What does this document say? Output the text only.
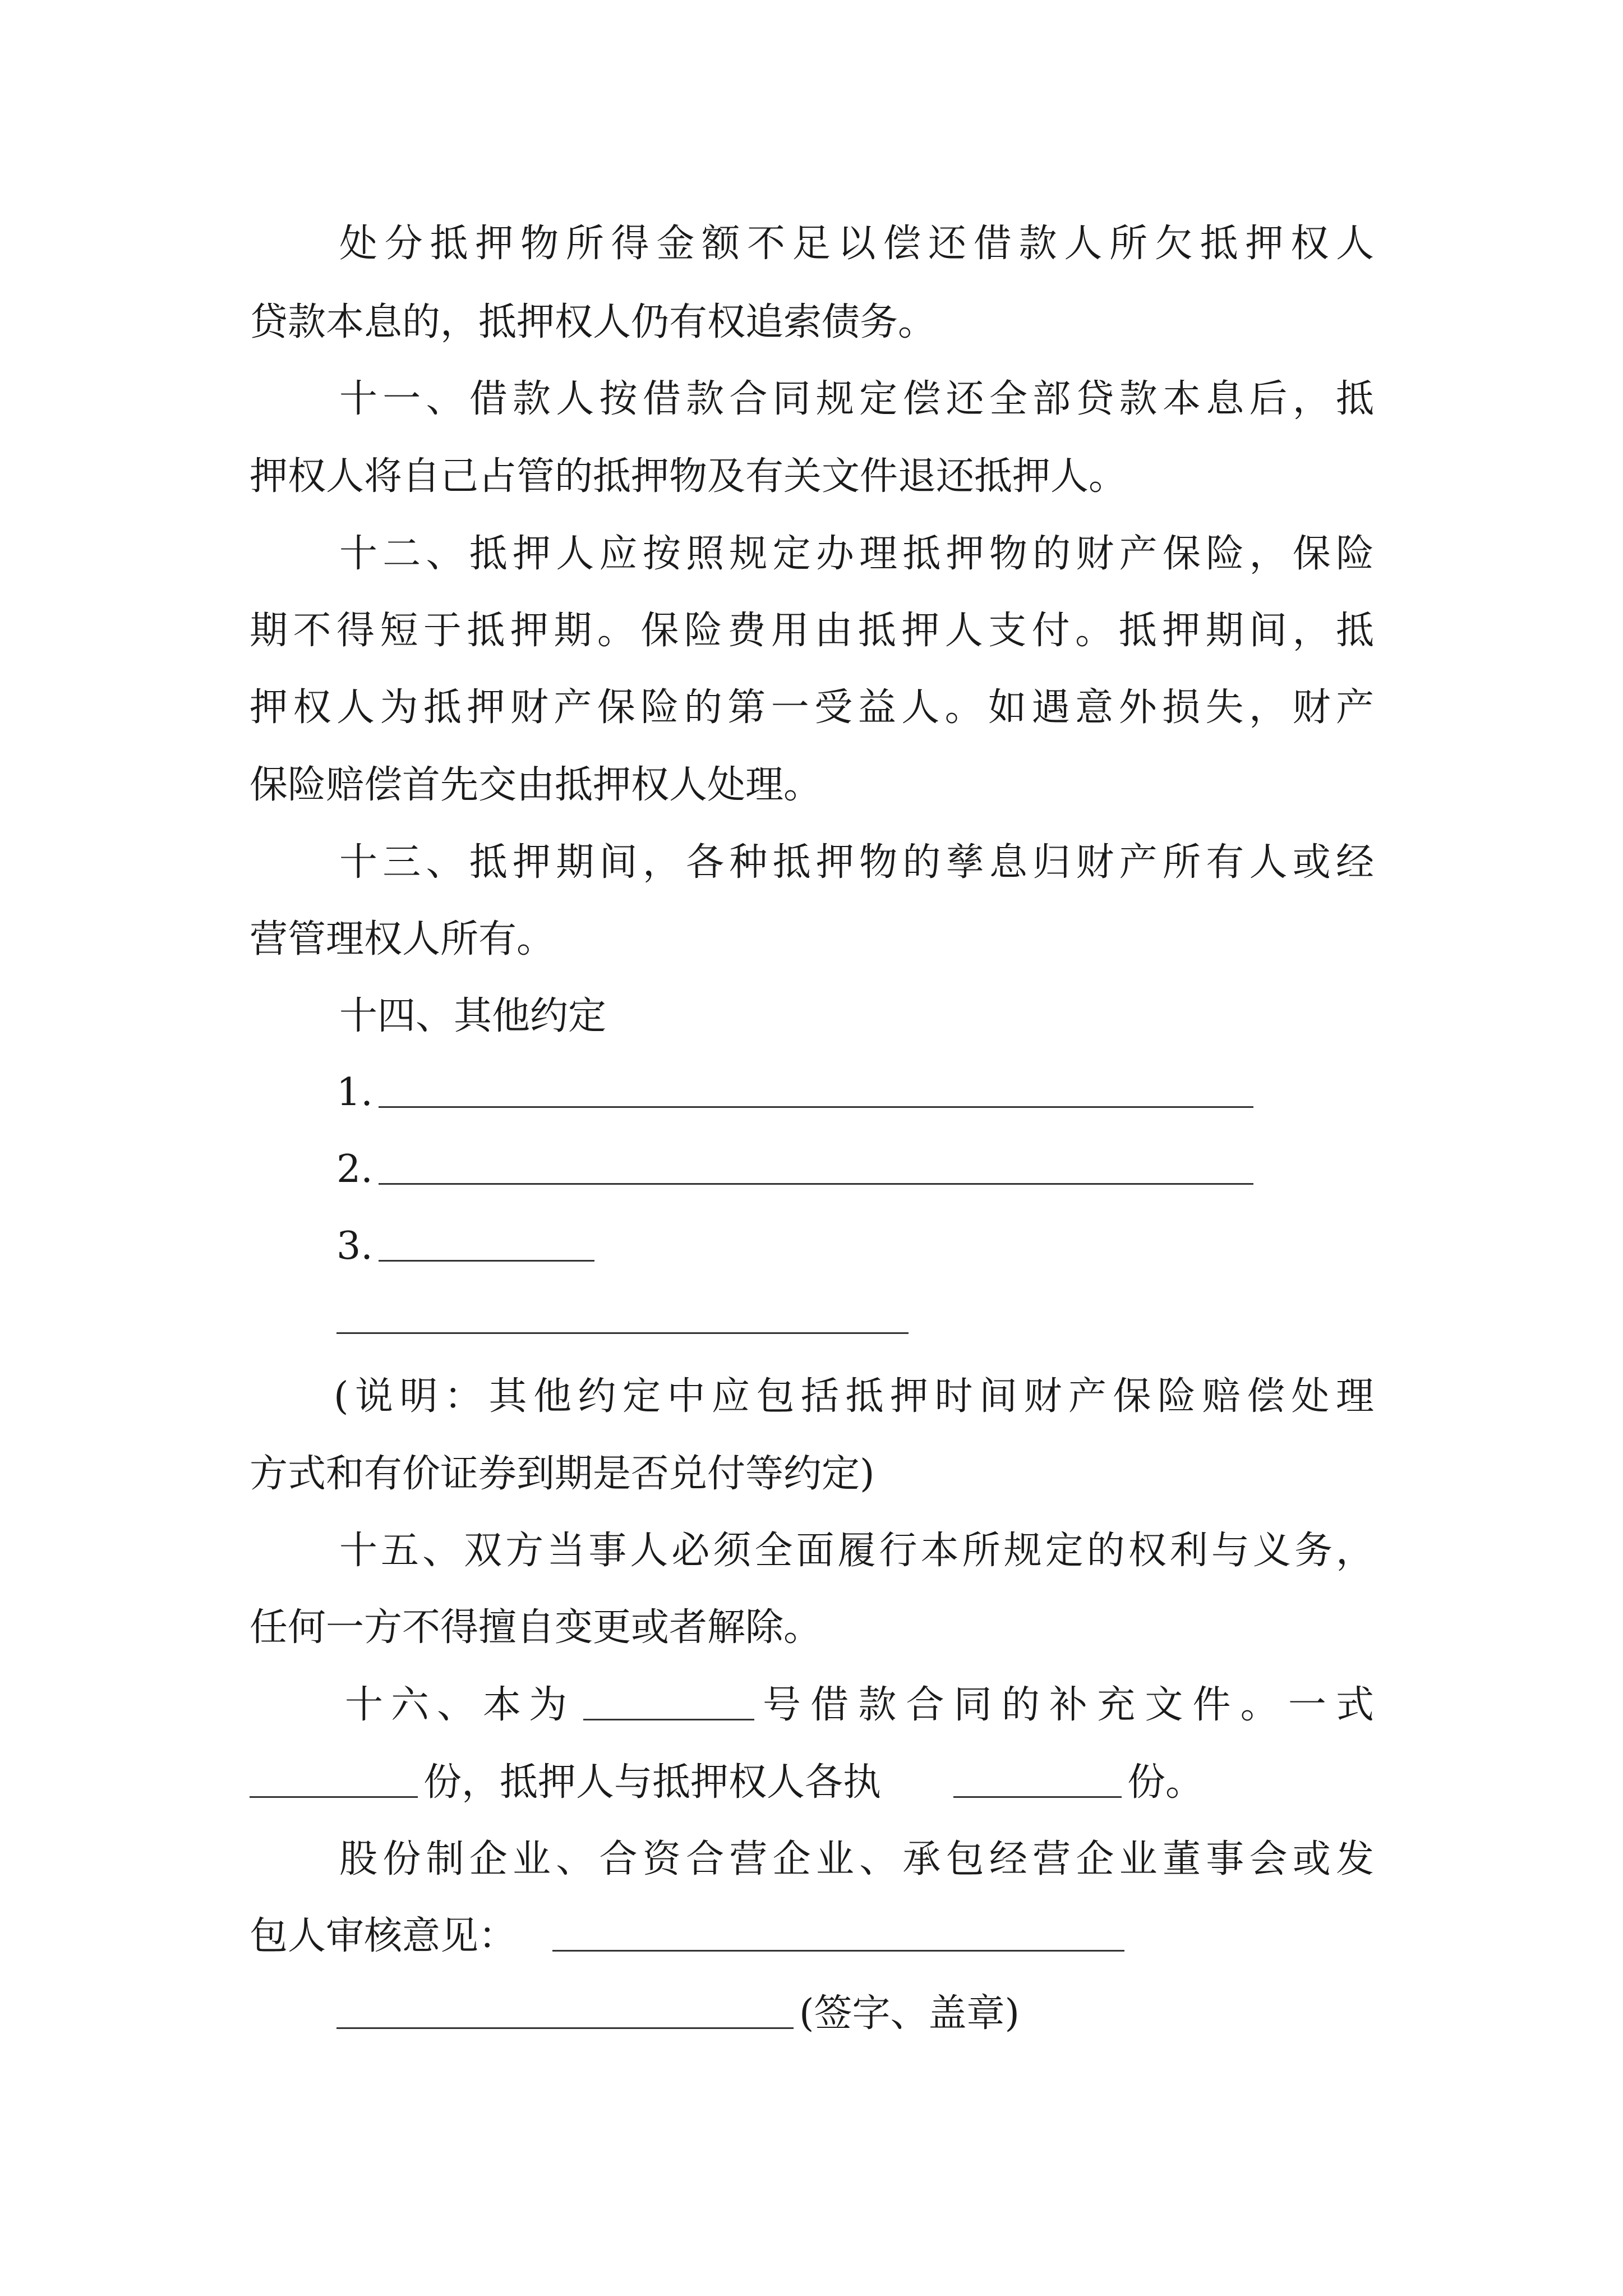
处分抵押物所得金额不足以偿还借款人所欠抵押权人
贷款本息的，抵押权人仍有权追索债务。
十一、借款人按借款合同规定偿还全部贷款本息后，抵
押权人将自己占管的抵押物及有关文件退还抵押人。
十二、抵押人应按照规定办理抵押物的财产保险，保险
期不得短于抵押期。保险费用由抵押人支付。抵押期间，抵
押权人为抵押财产保险的第一受益人。如遇意外损失，财产
保险赔偿首先交由抵押权人处理。
十三、抵押期间，各种抵押物的孳息归财产所有人或经
营管理权人所有。
十四、其他约定
1.
2.
3.
(说明：其他约定中应包括抵押时间财产保险赔偿处理
方式和有价证券到期是否兑付等约定)
十五、双方当事人必须全面履行本所规定的权利与义务，
任何一方不得擅自变更或者解除。
十六、本为	号借款合同的补充文件。一式
份，抵押人与抵押权人各执	份。
股份制企业、合资合营企业、承包经营企业董事会或发
包人审核意见：
(签字、盖章)
